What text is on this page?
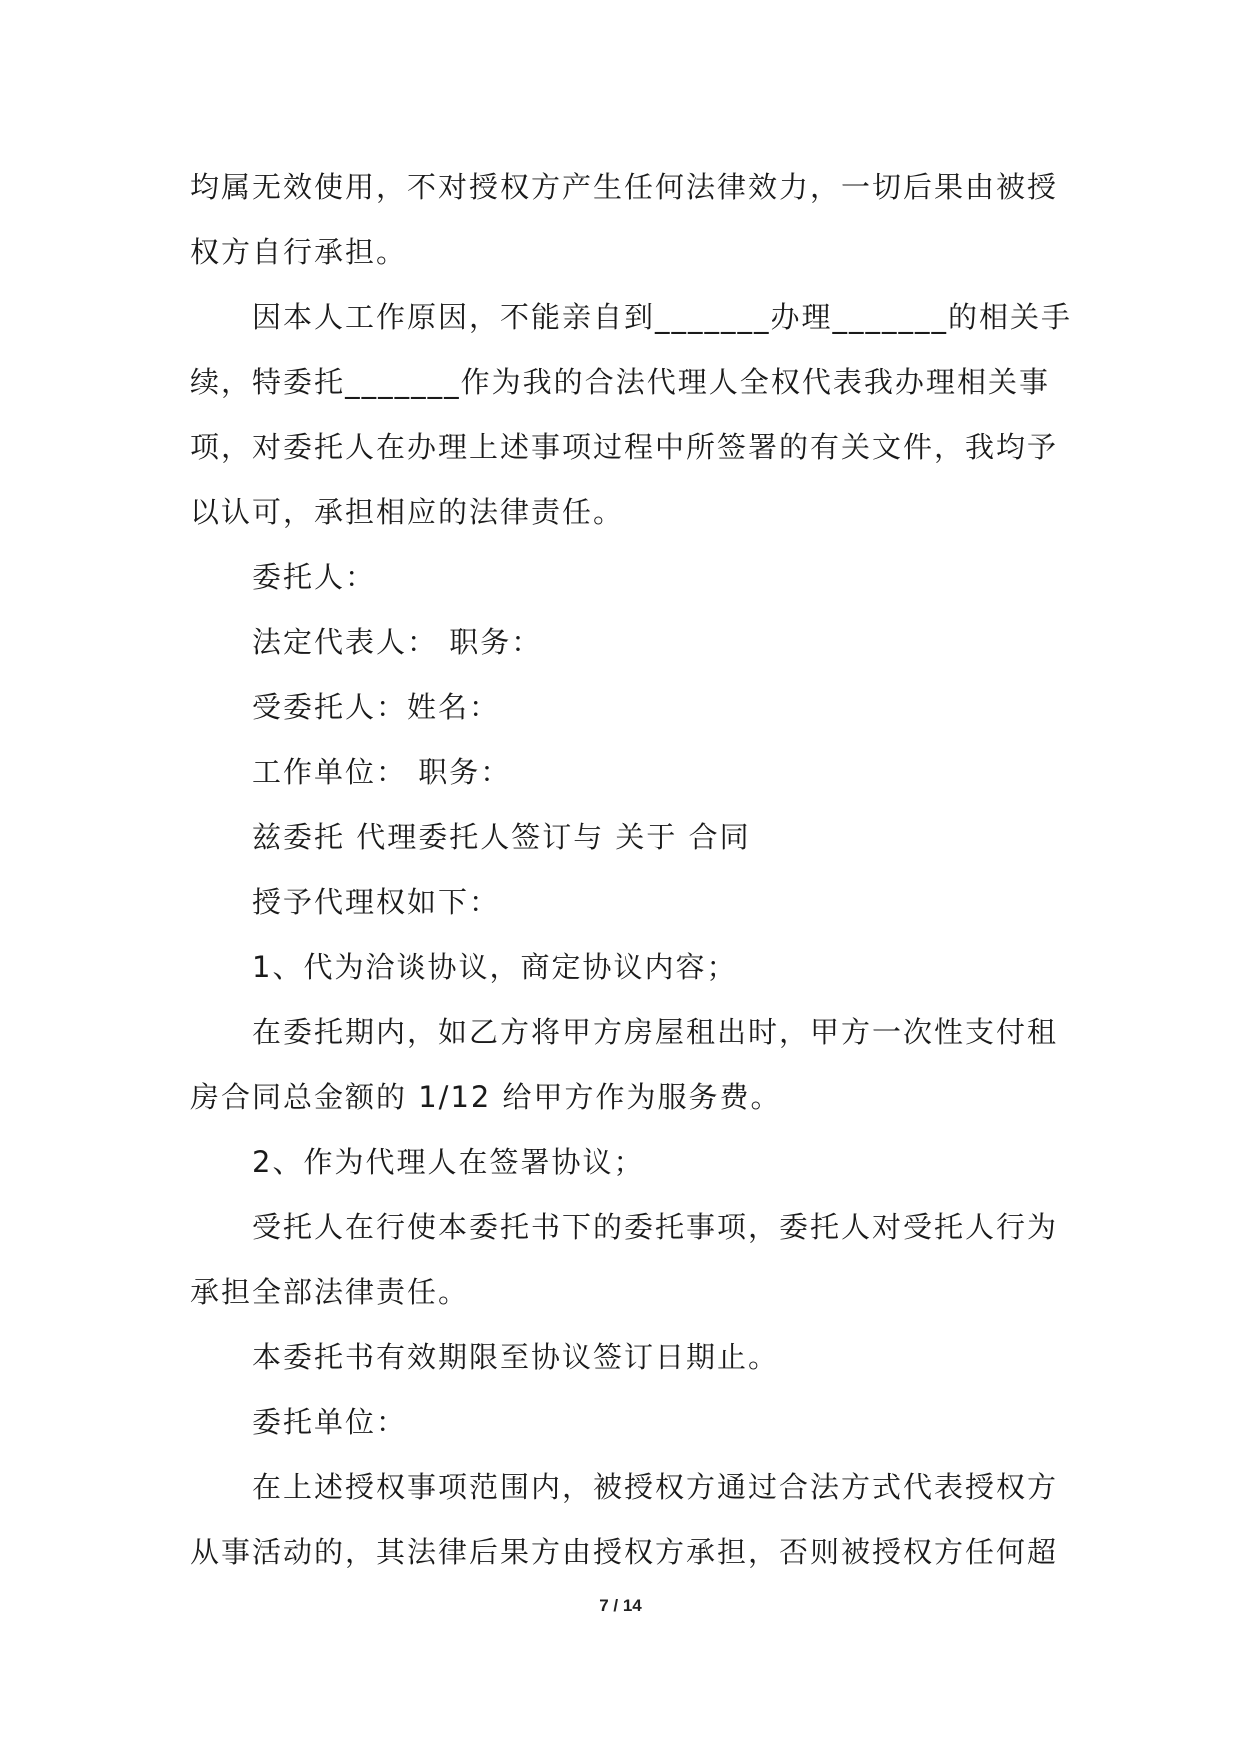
均属无效使用，不对授权方产生任何法律效力，一切后果由被授
权方自行承担。
因本人工作原因，不能亲自到_______办理_______的相关手
续，特委托_______作为我的合法代理人全权代表我办理相关事
项，对委托人在办理上述事项过程中所签署的有关文件，我均予
以认可，承担相应的法律责任。
委托人：
法定代表人： 职务：
受委托人：姓名：
工作单位： 职务：
兹委托 代理委托人签订与 关于 合同
授予代理权如下：
1、代为洽谈协议，商定协议内容；
在委托期内，如乙方将甲方房屋租出时，甲方一次性支付租
房合同总金额的 1/12 给甲方作为服务费。
2、作为代理人在签署协议；
受托人在行使本委托书下的委托事项，委托人对受托人行为
承担全部法律责任。
本委托书有效期限至协议签订日期止。
委托单位：
在上述授权事项范围内，被授权方通过合法方式代表授权方
从事活动的，其法律后果方由授权方承担，否则被授权方任何超
7 / 14
